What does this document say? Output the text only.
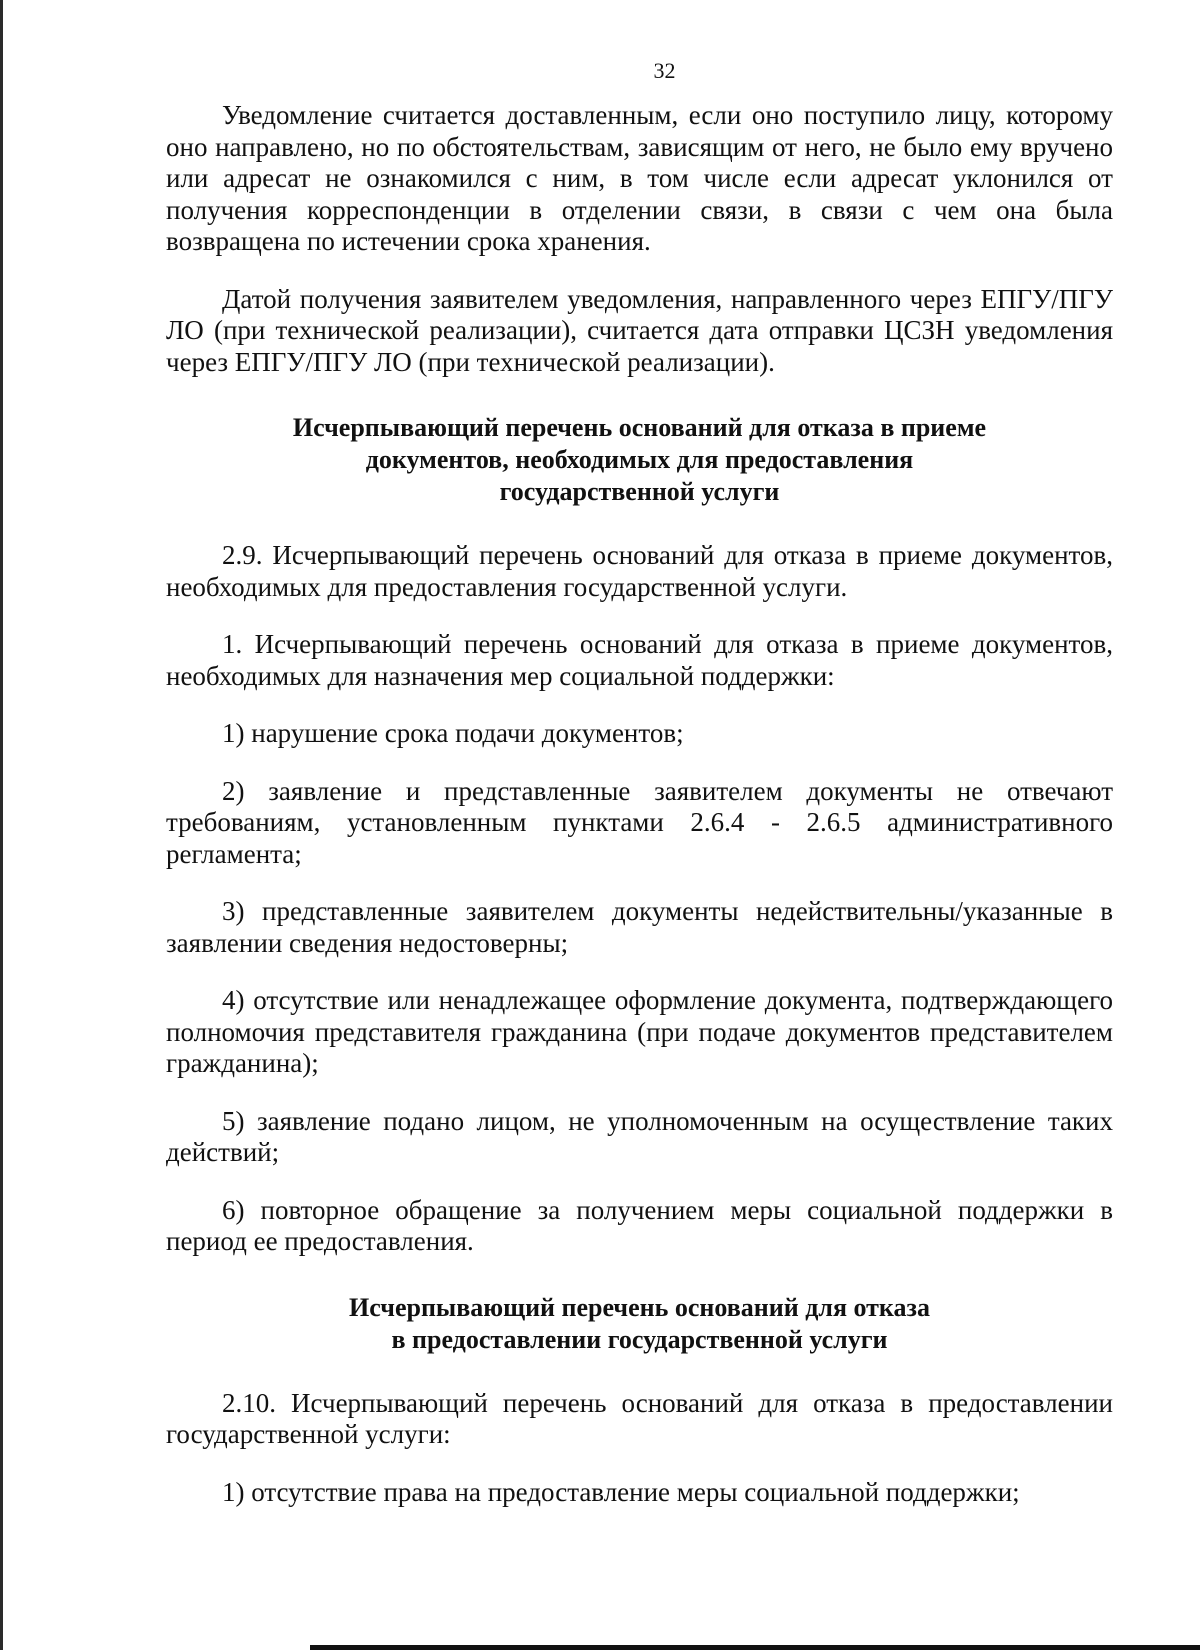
32

Уведомление считается доставленным, если оно поступило лицу, которому оно направлено, но по обстоятельствам, зависящим от него, не было ему вручено или адресат не ознакомился с ним, в том числе если адресат уклонился от получения корреспонденции в отделении связи, в связи с чем она была возвращена по истечении срока хранения.

Датой получения заявителем уведомления, направленного через ЕПГУ/ПГУ ЛО (при технической реализации), считается дата отправки ЦСЗН уведомления через ЕПГУ/ПГУ ЛО (при технической реализации).

Исчерпывающий перечень оснований для отказа в приеме
документов, необходимых для предоставления
государственной услуги

2.9. Исчерпывающий перечень оснований для отказа в приеме документов, необходимых для предоставления государственной услуги.

1. Исчерпывающий перечень оснований для отказа в приеме документов, необходимых для назначения мер социальной поддержки:

1) нарушение срока подачи документов;

2) заявление и представленные заявителем документы не отвечают требованиям, установленным пунктами 2.6.4 - 2.6.5 административного регламента;

3) представленные заявителем документы недействительны/указанные в заявлении сведения недостоверны;

4) отсутствие или ненадлежащее оформление документа, подтверждающего полномочия представителя гражданина (при подаче документов представителем гражданина);

5) заявление подано лицом, не уполномоченным на осуществление таких действий;

6) повторное обращение за получением меры социальной поддержки в период ее предоставления.

Исчерпывающий перечень оснований для отказа
в предоставлении государственной услуги

2.10. Исчерпывающий перечень оснований для отказа в предоставлении государственной услуги:

1) отсутствие права на предоставление меры социальной поддержки;
